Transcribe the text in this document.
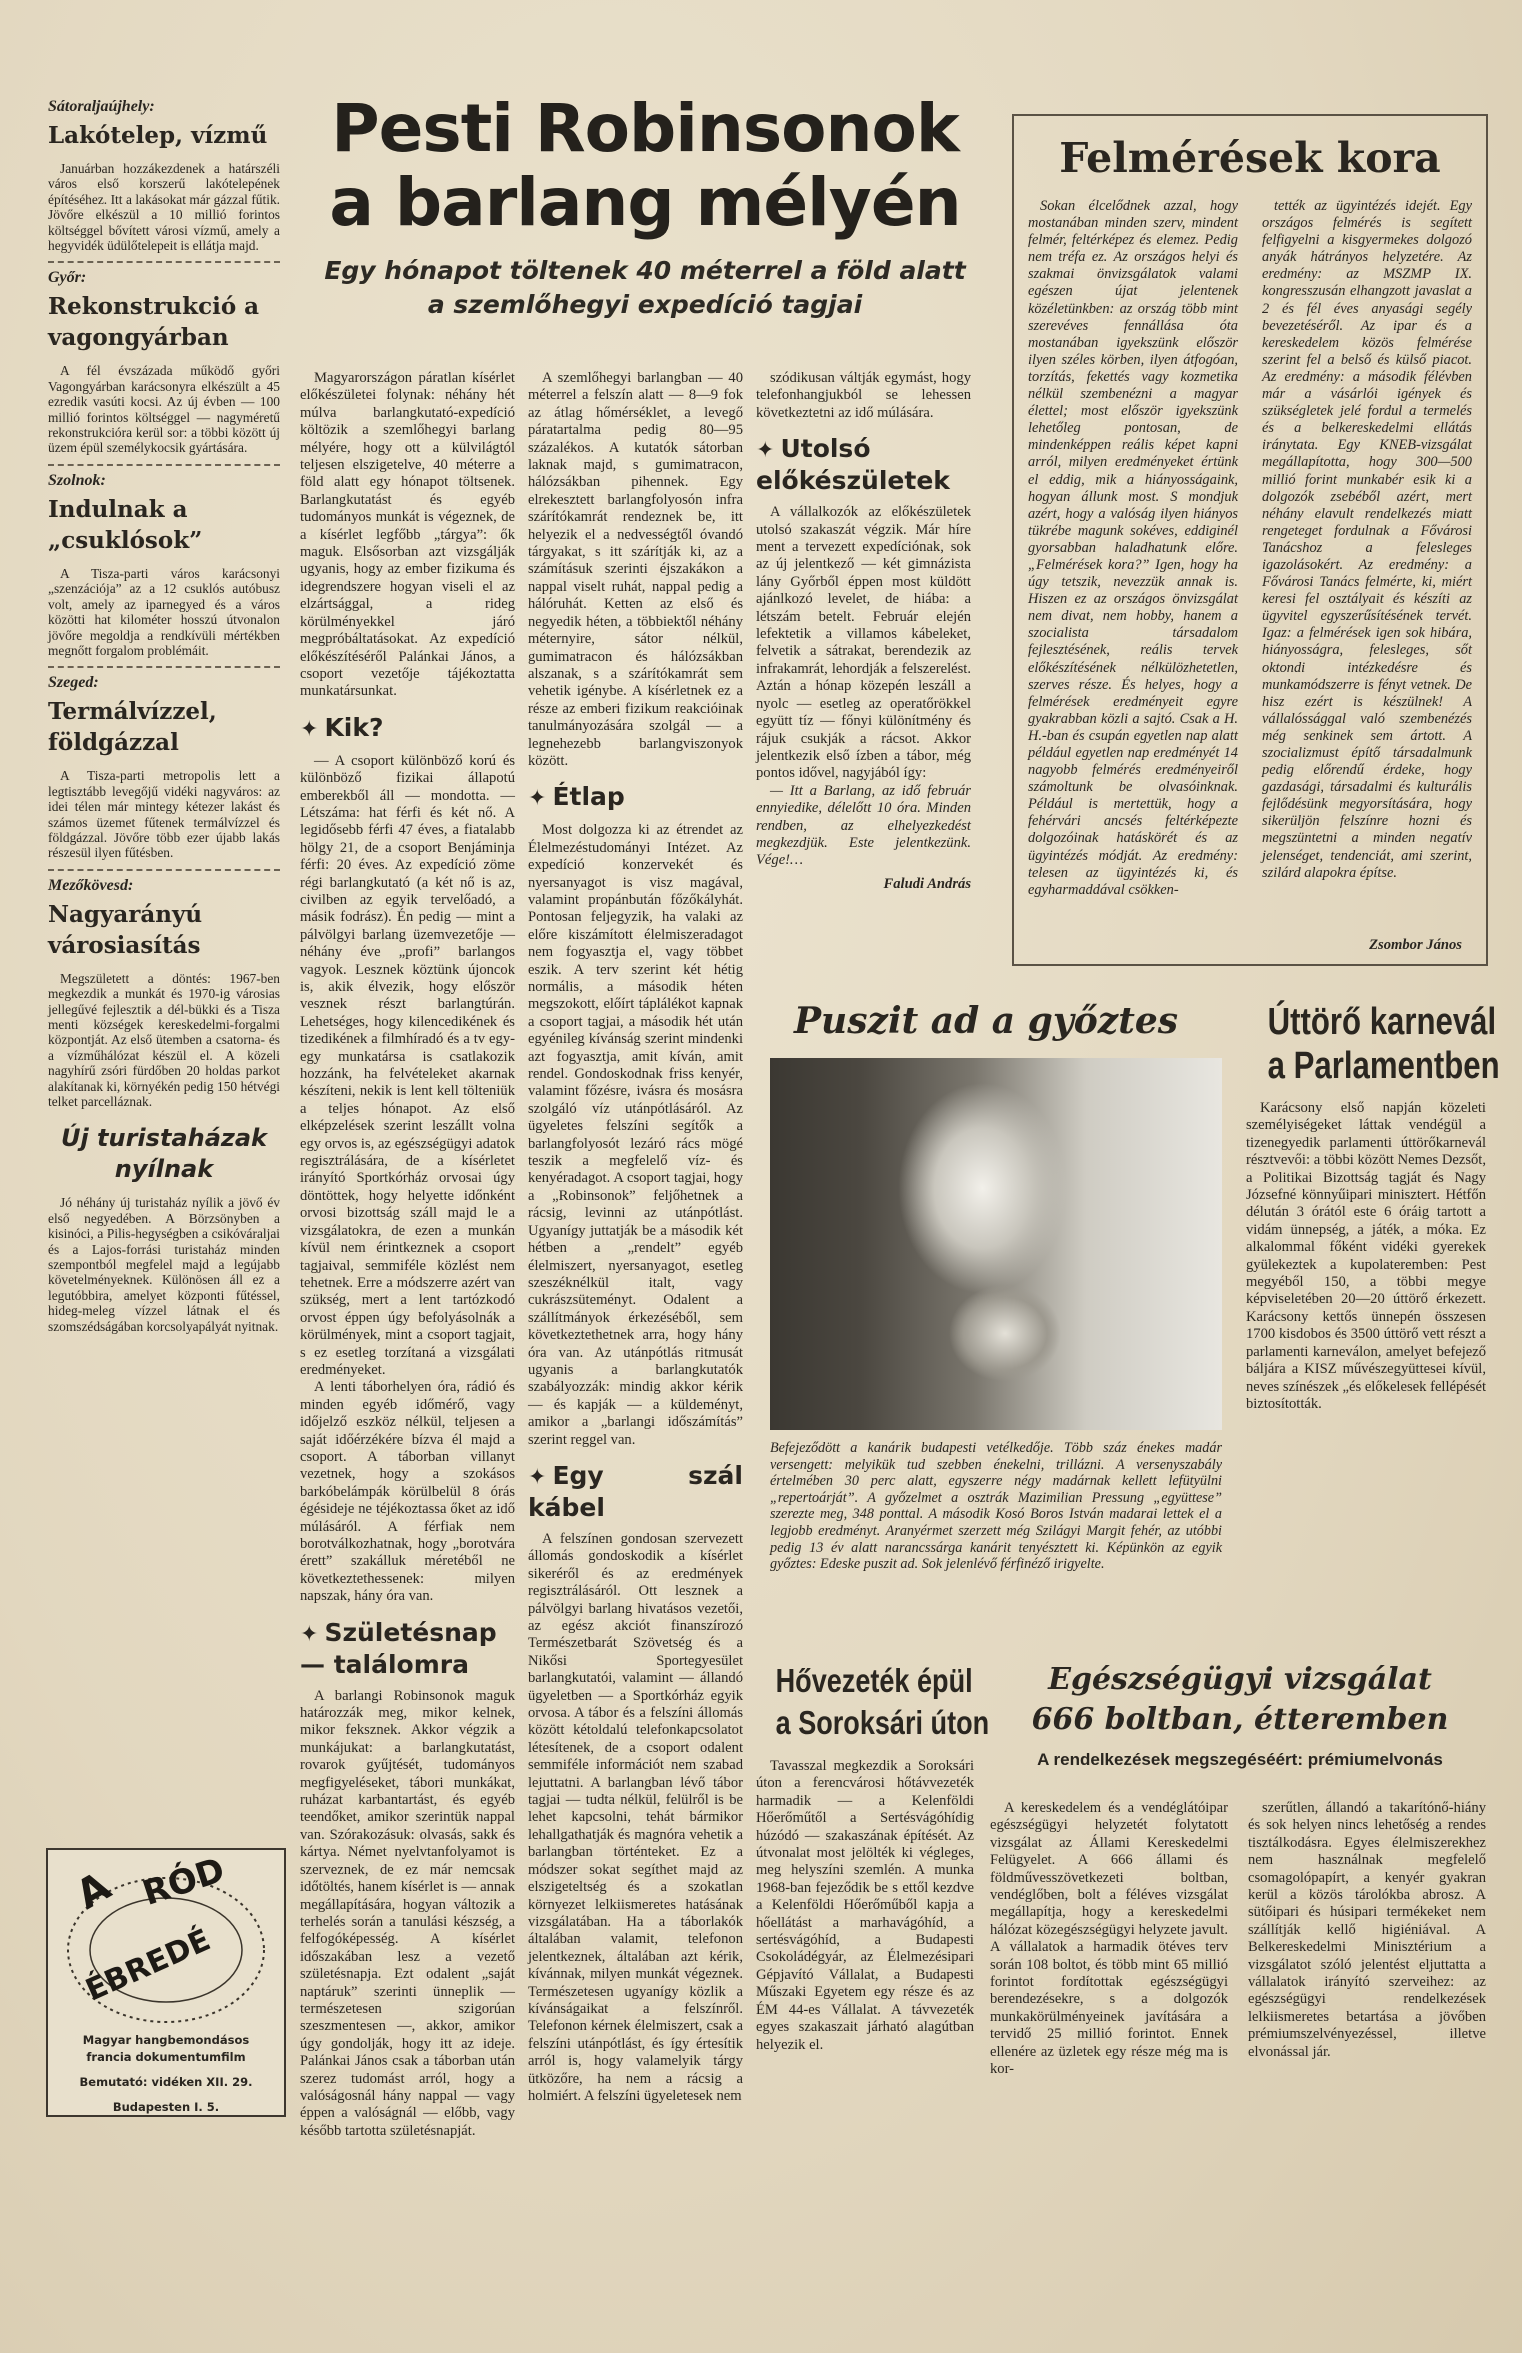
Sátoraljaújhely:
Lakótelep, vízmű

Januárban hozzákezdenek a határszéli város első korszerű lakótelepének építéséhez. Itt a lakásokat már gázzal fűtik. Jövőre elkészül a 10 millió forintos költséggel bővített városi vízmű, amely a hegyvidék üdülőtelepeit is ellátja majd.

Győr:
Rekonstrukció a vagongyárban

A fél évszázada működő győri Vagongyárban karácsonyra elkészült a 45 ezredik vasúti kocsi. Az új évben — 100 millió forintos költséggel — nagyméretű rekonstrukcióra kerül sor: a többi között új üzem épül személykocsik gyártására.

Szolnok:
Indulnak a „csuklósok”

A Tisza-parti város karácsonyi „szenzációja” az a 12 csuklós autóbusz volt, amely az iparnegyed és a város közötti hat kilométer hosszú útvonalon jövőre megoldja a rendkívüli mértékben megnőtt forgalom problémáit.

Szeged:
Termálvízzel, földgázzal

A Tisza-parti metropolis lett a legtisztább levegőjű vidéki nagyváros: az idei télen már mintegy kétezer lakást és számos üzemet fűtenek termálvízzel és földgázzal. Jövőre több ezer újabb lakás részesül ilyen fűtésben.

Mezőkövesd:
Nagyarányú városiasítás

Megszületett a döntés: 1967-ben megkezdik a munkát és 1970-ig városias jellegűvé fejlesztik a dél-bükki és a Tisza menti községek kereskedelmi-forgalmi központját. Az első ütemben a csatorna- és a vízműhálózat készül el. A közeli nagyhírű zsóri fürdőben 20 holdas parkot alakítanak ki, környékén pedig 150 hétvégi telket parcelláznak.

Új turistaházak nyílnak

Jó néhány új turistaház nyílik a jövő év első negyedében. A Börzsönyben a kisinóci, a Pilis-hegységben a csikóváraljai és a Lajos-forrási turistaház minden szempontból megfelel majd a legújabb követelményeknek. Különösen áll ez a legutóbbira, amelyet központi fűtéssel, hideg-meleg vízzel látnak el és szomszédságában korcsolyapályát nyitnak.

A RÓD
ÉBREDÉ
Magyar hangbemondásos
francia dokumentumfilm
Bemutató: vidéken XII. 29.
Budapesten I. 5.
Pesti Robinsonok
a barlang mélyén
Egy hónapot töltenek 40 méterrel a föld alatt
a szemlőhegyi expedíció tagjai

Magyarországon páratlan kísérlet előkészületei folynak: néhány hét múlva barlangkutató-expedíció költözik a szemlőhegyi barlang mélyére, hogy ott a külvilágtól teljesen elszigetelve, 40 méterre a föld alatt egy hónapot töltsenek. Barlangkutatást és egyéb tudományos munkát is végeznek, de a kísérlet legfőbb „tárgya”: ők maguk. Elsősorban azt vizsgálják ugyanis, hogy az ember fizikuma és idegrendszere hogyan viseli el az elzártsággal, a rideg körülményekkel járó megpróbáltatásokat. Az expedíció előkészítéséről Palánkai János, a csoport vezetője tájékoztatta munkatársunkat.

✦ Kik?

— A csoport különböző korú és különböző fizikai állapotú emberekből áll — mondotta. — Létszáma: hat férfi és két nő. A legidősebb férfi 47 éves, a fiatalabb hölgy 21, de a csoport Benjáminja férfi: 20 éves. Az expedíció zöme régi barlangkutató (a két nő is az, civilben az egyik tervelőadó, a másik fodrász). Én pedig — mint a pálvölgyi barlang üzemvezetője — néhány éve „profi” barlangos vagyok. Lesznek köztünk újoncok is, akik élvezik, hogy először vesznek részt barlangtúrán. Lehetséges, hogy kilencedikének és tizedikének a filmhíradó és a tv egy-egy munkatársa is csatlakozik hozzánk, ha felvételeket akarnak készíteni, nekik is lent kell tölteniük a teljes hónapot. Az első elképzelések szerint leszállt volna egy orvos is, az egészségügyi adatok regisztrálására, de a kísérletet irányító Sportkórház orvosai úgy döntöttek, hogy helyette időnként orvosi bizottság száll majd le a vizsgálatokra, de ezen a munkán kívül nem érintkeznek a csoport tagjaival, semmiféle közlést nem tehetnek. Erre a módszerre azért van szükség, mert a lent tartózkodó orvost éppen úgy befolyásolnák a körülmények, mint a csoport tagjait, s ez esetleg torzítaná a vizsgálati eredményeket.

A lenti táborhelyen óra, rádió és minden egyéb időmérő, vagy időjelző eszköz nélkül, teljesen a saját időérzékére bízva él majd a csoport. A táborban villanyt vezetnek, hogy a szokásos barkóbelámpák körülbelül 8 órás égésideje ne téjékoztassa őket az idő múlásáról. A férfiak nem borotválkozhatnak, hogy „borotvára érett” szakálluk méretéből ne következtethessenek: milyen napszak, hány óra van.

✦ Születésnap — találomra

A barlangi Robinsonok maguk határozzák meg, mikor kelnek, mikor feksznek. Akkor végzik a munkájukat: a barlangkutatást, rovarok gyűjtését, tudományos megfigyeléseket, tábori munkákat, ruházat karbantartást, és egyéb teendőket, amikor szerintük nappal van. Szórakozásuk: olvasás, sakk és kártya. Német nyelvtanfolyamot is szerveznek, de ez már nemcsak időtöltés, hanem kísérlet is — annak megállapítására, hogyan változik a terhelés során a tanulási készség, a felfogóképesség. A kísérlet időszakában lesz a vezető születésnapja. Ezt odalent „saját naptáruk” szerinti ünneplik — természetesen szigorúan szeszmentesen —, akkor, amikor úgy gondolják, hogy itt az ideje. Palánkai János csak a táborban után szerez tudomást arról, hogy a valóságosnál hány nappal — vagy éppen a valóságnál — előbb, vagy később tartotta születésnapját.

A szemlőhegyi barlangban — 40 méterrel a felszín alatt — 8—9 fok az átlag hőmérséklet, a levegő páratartalma pedig 80—95 százalékos. A kutatók sátorban laknak majd, s gumimatracon, hálózsákban pihennek. Egy elrekesztett barlangfolyosón infra szárítókamrát rendeznek be, itt helyezik el a nedvességtől óvandó tárgyakat, s itt szárítják ki, az a számításuk szerinti éjszakákon a nappal viselt ruhát, nappal pedig a hálóruhát. Ketten az első és negyedik héten, a többiektől néhány méternyire, sátor nélkül, gumimatracon és hálózsákban alszanak, s a szárítókamrát sem vehetik igénybe. A kísérletnek ez a része az emberi fizikum reakcióinak tanulmányozására szolgál — a legnehezebb barlangviszonyok között.

✦ Étlap

Most dolgozza ki az étrendet az Élelmezéstudományi Intézet. Az expedíció konzervekét és nyersanyagot is visz magával, valamint propánbután főzőkályhát. Pontosan feljegyzik, ha valaki az előre kiszámított élelmiszeradagot nem fogyasztja el, vagy többet eszik. A terv szerint két hétig normális, a második héten megszokott, előírt táplálékot kapnak a csoport tagjai, a második hét után egyénileg kívánság szerint mindenki azt fogyasztja, amit kíván, amit rendel. Gondoskodnak friss kenyér, valamint főzésre, ivásra és mosásra szolgáló víz utánpótlásáról. Az ügyeletes felszíni segítők a barlangfolyosót lezáró rács mögé teszik a megfelelő víz- és kenyéradagot. A csoport tagjai, hogy a „Robinsonok” feljőhetnek a rácsig, levinni az utánpótlást. Ugyanígy juttatják be a második két hétben a „rendelt” egyéb élelmiszert, nyersanyagot, esetleg szeszéknélkül italt, vagy cukrászsüteményt. Odalent a szállítmányok érkezéséből, sem következtethetnek arra, hogy hány óra van. Az utánpótlás ritmusát ugyanis a barlangkutatók szabályozzák: mindig akkor kérik — és kapják — a küldeményt, amikor a „barlangi időszámítás” szerint reggel van.

✦ Egy szál kábel

A felszínen gondosan szervezett állomás gondoskodik a kísérlet sikeréről és az eredmények regisztrálásáról. Ott lesznek a pálvölgyi barlang hivatásos vezetői, az egész akciót finanszírozó Természetbarát Szövetség és a Nikősi Sportegyesület barlangkutatói, valamint — állandó ügyeletben — a Sportkórház egyik orvosa. A tábor és a felszíni állomás között kétoldalú telefonkapcsolatot létesítenek, de a csoport odalent semmiféle információt nem szabad lejuttatni. A barlangban lévő tábor tagjai — tudta nélkül, felülről is be lehet kapcsolni, tehát bármikor lehallgathatják és magnóra vehetik a barlangban történteket. Ez a módszer sokat segíthet majd az elszigeteltség és a szokatlan környezet lelkiismeretes hatásának vizsgálatában. Ha a táborlakók általában valamit, telefonon jelentkeznek, általában azt kérik, kívánnak, milyen munkát végeznek. Természetesen ugyanígy közlik a kívánságaikat a felszínről. Telefonon kérnek élelmiszert, csak a felszíni utánpótlást, és így értesítik arról is, hogy valamelyik tárgy ütközőre, ha nem a rácsig a holmiért. A felszíni ügyeletesek nem

szódikusan váltják egymást, hogy telefonhangjukból se lehessen következtetni az idő múlására.

✦ Utolsó előkészületek

A vállalkozók az előkészületek utolsó szakaszát végzik. Már híre ment a tervezett expedíciónak, sok az új jelentkező — két gimnázista lány Győrből éppen most küldött ajánlkozó levelet, de hiába: a létszám betelt. Február elején lefektetik a villamos kábeleket, felvetik a sátrakat, berendezik az infrakamrát, lehordják a felszerelést. Aztán a hónap közepén leszáll a nyolc — esetleg az operatőrökkel együtt tíz — főnyi különítmény és rájuk csukják a rácsot. Akkor jelentkezik első ízben a tábor, még pontos idővel, nagyjából így:

— Itt a Barlang, az idő február ennyiedike, délelőtt 10 óra. Minden rendben, az elhelyezkedést megkezdjük. Este jelentkezünk. Vége!…

Faludi András
Felmérések kora

Sokan élcelődnek azzal, hogy mostanában minden szerv, mindent felmér, feltérképez és elemez. Pedig nem tréfa ez. Az országos helyi és szakmai önvizsgálatok valami egészen újat jelentenek közéletünkben: az ország több mint szerevéves fennállása óta mostanában igyekszünk először ilyen széles körben, ilyen átfogóan, torzítás, fekettés vagy kozmetika nélkül szembenézni a magyar élettel; most először igyekszünk lehetőleg pontosan, de mindenképpen reális képet kapni arról, milyen eredményeket értünk el eddig, mik a hiányosságaink, hogyan állunk most. S mondjuk azért, hogy a valóság ilyen hiányos tükrébe magunk sokéves, eddiginél gyorsabban haladhatunk előre. „Felmérések kora?” Igen, hogy ha úgy tetszik, nevezzük annak is. Hiszen ez az országos önvizsgálat nem divat, nem hobby, hanem a szocialista társadalom fejlesztésének, reális tervek előkészítésének nélkülözhetetlen, szerves része. És helyes, hogy a felmérések eredményeit egyre gyakrabban közli a sajtó. Csak a H. H.-ban és csupán egyetlen nap alatt például egyetlen nap eredményét 14 nagyobb felmérés eredményeiről számoltunk be olvasóinknak. Például is mertettük, hogy a fehérvári ancsés feltérképezte dolgozóinak hatáskörét és az ügyintézés módját. Az eredmény: telesen az ügyintézés ki, és egyharmaddával csökken-

tették az ügyintézés idejét. Egy országos felmérés is segített felfigyelni a kisgyermekes dolgozó anyák hátrányos helyzetére. Az eredmény: az MSZMP IX. kongresszusán elhangzott javaslat a 2 és fél éves anyasági segély bevezetéséről. Az ipar és a kereskedelem közös felmérése szerint fel a belső és külső piacot. Az eredmény: a második félévben már a vásárlói igények és szükségletek jelé fordul a termelés és a belkereskedelmi ellátás iránytata. Egy KNEB-vizsgálat megállapította, hogy 300—500 millió forint munkabér esik ki a dolgozók zsebéből azért, mert néhány elavult rendelkezés miatt rengeteget fordulnak a Fővárosi Tanácshoz a felesleges igazolásokért. Az eredmény: a Fővárosi Tanács felmérte, ki, miért keresi fel osztályait és készíti az ügyvitel egyszerűsítésének tervét. Igaz: a felmérések igen sok hibára, hiányosságra, felesleges, sőt oktondi intézkedésre és munkamódszerre is fényt vetnek. De hisz ezért is készülnek! A vállalóssággal való szembenézés még senkinek sem ártott. A szocializmust építő társadalmunk pedig előrendű érdeke, hogy gazdasági, társadalmi és kulturális fejlődésünk megyorsítására, hogy sikerüljön felszínre hozni és megszüntetni a minden negatív jelenséget, tendenciát, ami szerint, szilárd alapokra építse.

Zsombor János
Puszit ad a győztes

Befejeződött a kanárik budapesti vetélkedője. Több száz énekes madár versengett: melyikük tud szebben énekelni, trillázni. A versenyszabály értelmében 30 perc alatt, egyszerre négy madárnak kellett lefütyülni „repertoárját”. A győzelmet a osztrák Mazimilian Pressung „együttese” szerezte meg, 348 ponttal. A második Kosó Boros István madarai lettek el a legjobb eredményt. Aranyérmet szerzett még Szilágyi Margit fehér, az utóbbi pedig 13 év alatt narancssárga kanárit tenyésztett ki. Képünkön az egyik győztes: Edeske puszit ad. Sok jelenlévő férfinéző irigyelte.

Úttörő karnevál
a Parlamentben

Karácsony első napján közeleti személyiségeket láttak vendégül a tizenegyedik parlamenti úttörőkarnevál résztvevői: a többi között Nemes Dezsőt, a Politikai Bizottság tagját és Nagy Józsefné könnyűipari minisztert. Hétfőn délután 3 órától este 6 óráig tartott a vidám ünnepség, a játék, a móka. Ez alkalommal főként vidéki gyerekek gyülekeztek a kupolateremben: Pest megyéből 150, a többi megye képviseletében 20—20 úttörő érkezett. Karácsony kettős ünnepén összesen 1700 kisdobos és 3500 úttörő vett részt a parlamenti karneválon, amelyet befejező báljára a KISZ művészegyüttesei kívül, neves színészek „és előkelesek fellépését biztosították.

Hővezeték épül
a Soroksári úton

Tavasszal megkezdik a Soroksári úton a ferencvárosi hőtávvezeték harmadik — a Kelenföldi Hőerőműtől a Sertésvágóhídig húzódó — szakaszának építését. Az útvonalat most jelölték ki végleges, meg helyszíni szemlén. A munka 1968-ban fejeződik be s ettől kezdve a Kelenföldi Hőerőműből kapja a hőellátást a marhavágóhíd, a sertésvágóhíd, a Budapesti Csokoládégyár, az Élelmezésipari Gépjavító Vállalat, a Budapesti Műszaki Egyetem egy része és az ÉM 44-es Vállalat. A távvezeték egyes szakaszait járható alagútban helyezik el.

Egészségügyi vizsgálat
666 boltban, étteremben
A rendelkezések megszegéséért: prémiumelvonás

A kereskedelem és a vendéglátóipar egészségügyi helyzetét folytatott vizsgálat az Állami Kereskedelmi Felügyelet. A 666 állami és földművesszövetkezeti boltban, vendéglőben, bolt a féléves vizsgálat megállapítja, hogy a kereskedelmi hálózat közegészségügyi helyzete javult. A vállalatok a harmadik ötéves terv során 108 boltot, és több mint 65 millió forintot fordítottak egészségügyi berendezésekre, s a dolgozók munkakörülményeinek javítására a tervidő 25 millió forintot. Ennek ellenére az üzletek egy része még ma is kor-

szerűtlen, állandó a takarítónő-hiány és sok helyen nincs lehetőség a rendes tisztálkodásra. Egyes élelmiszerekhez nem használnak megfelelő csomagolópapírt, a kenyér gyakran kerül a közös tárolókba abrosz. A sütőipari és húsipari termékeket nem szállítják kellő higiéniával. A Belkereskedelmi Minisztérium a vizsgálatot szóló jelentést eljuttatta a vállalatok irányító szerveihez: az egészségügyi rendelkezések lelkiismeretes betartása a jövőben prémiumszelvényezéssel, illetve elvonással jár.
